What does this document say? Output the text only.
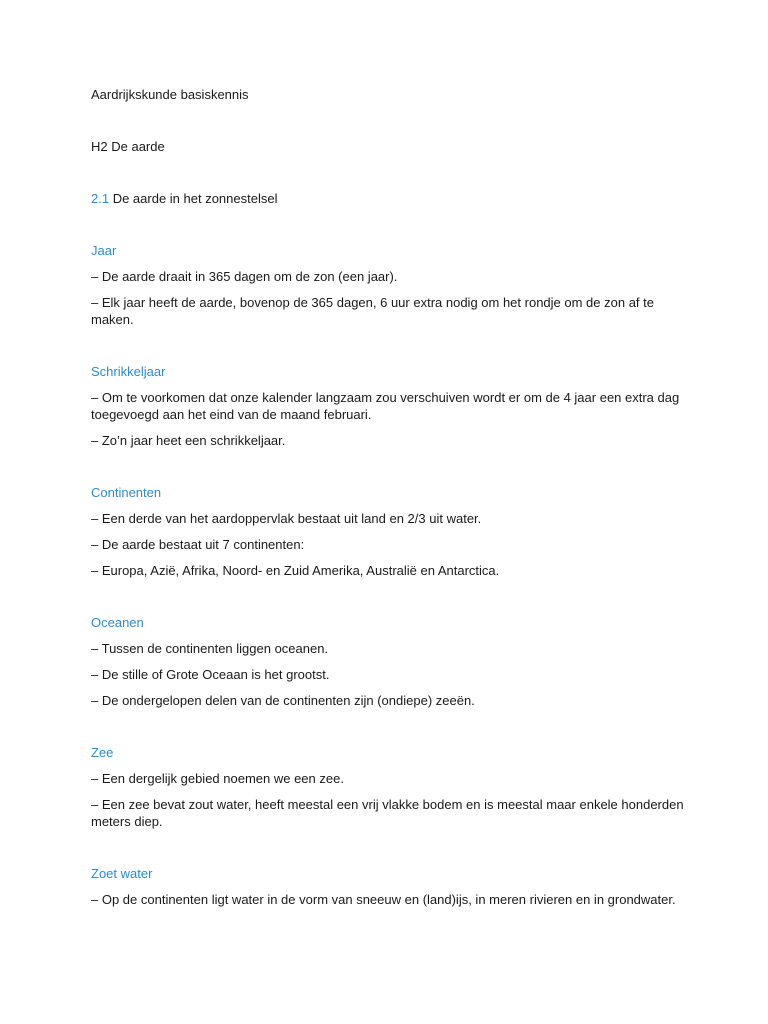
Aardrijkskunde basiskennis
H2 De aarde
2.1 De aarde in het zonnestelsel
Jaar

– De aarde draait in 365 dagen om de zon (een jaar).

– Elk jaar heeft de aarde, bovenop de 365 dagen, 6 uur extra nodig om het rondje om de zon af te maken.

Schrikkeljaar

– Om te voorkomen dat onze kalender langzaam zou verschuiven wordt er om de 4 jaar een extra dag toegevoegd aan het eind van de maand februari.

– Zo’n jaar heet een schrikkeljaar.

Continenten

– Een derde van het aardoppervlak bestaat uit land en 2/3 uit water.

– De aarde bestaat uit 7 continenten:

– Europa, Azië, Afrika, Noord- en Zuid Amerika, Australië en Antarctica.

Oceanen

– Tussen de continenten liggen oceanen.

– De stille of Grote Oceaan is het grootst.

– De ondergelopen delen van de continenten zijn (ondiepe) zeeën.

Zee

– Een dergelijk gebied noemen we een zee.

– Een zee bevat zout water, heeft meestal een vrij vlakke bodem en is meestal maar enkele honderden meters diep.

Zoet water

– Op de continenten ligt water in de vorm van sneeuw en (land)ijs, in meren rivieren en in grondwater.
